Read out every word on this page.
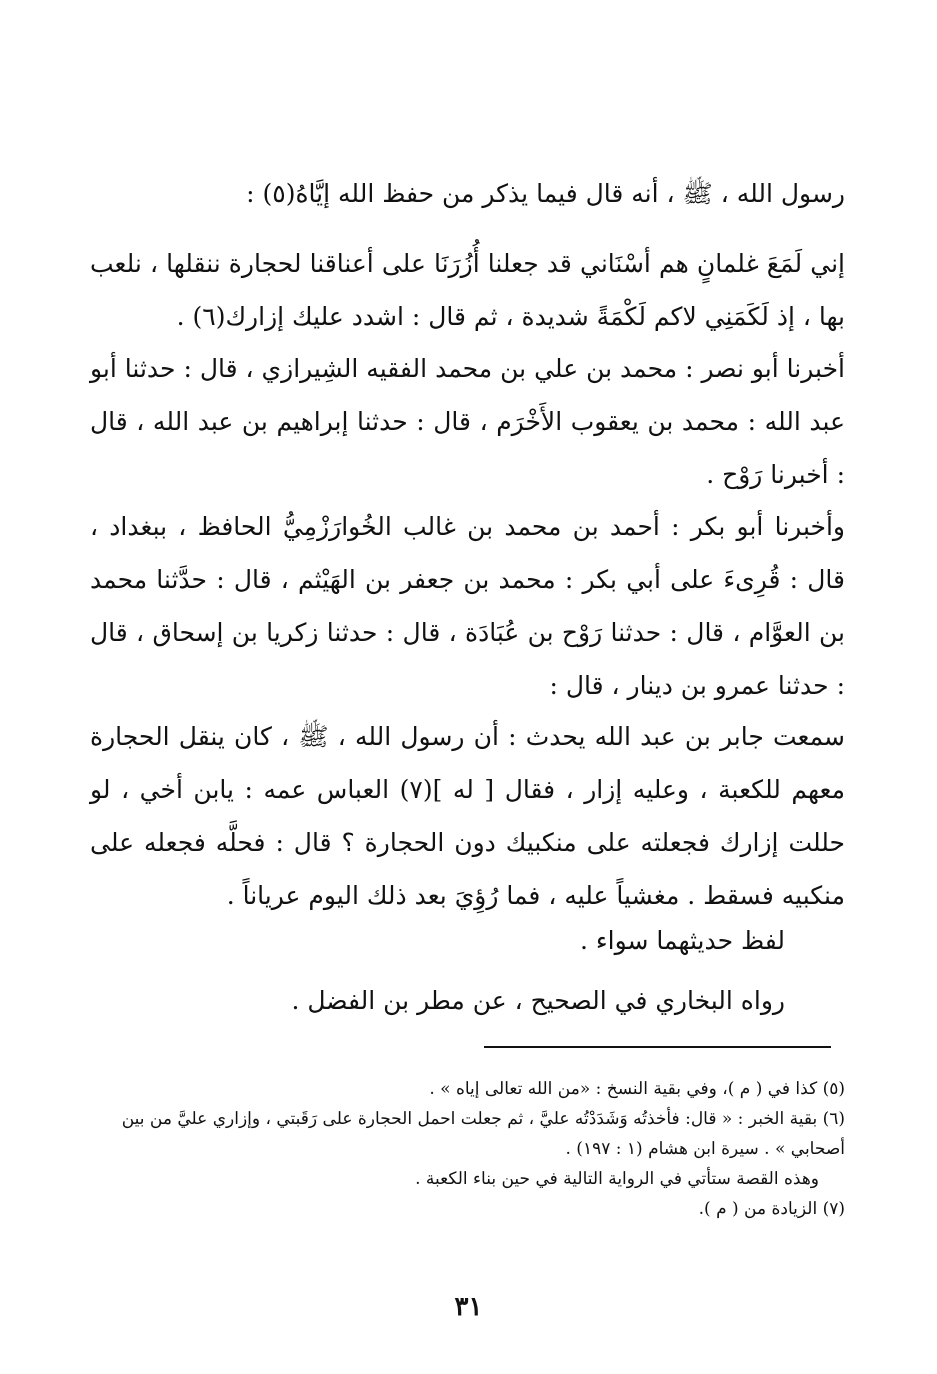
رسول الله ، ﷺ ، أنه قال فيما يذكر من حفظ الله إيَّاهُ(٥) :

إني لَمَعَ غلمانٍ هم أسْنَاني قد جعلنا أُزُرَنَا على أعناقنا لحجارة ننقلها ، نلعب بها ، إذ لَكَمَنِي لاكم لَكْمَةً شديدة ، ثم قال : اشدد عليك إزارك(٦) .

أخبرنا أبو نصر : محمد بن علي بن محمد الفقيه الشِيرازي ، قال : حدثنا أبو عبد الله : محمد بن يعقوب الأَخْرَم ، قال : حدثنا إبراهيم بن عبد الله ، قال : أخبرنا رَوْح .

وأخبرنا أبو بكر : أحمد بن محمد بن غالب الخُوارَزْمِيُّ الحافظ ، ببغداد ، قال : قُرِىءَ على أبي بكر : محمد بن جعفر بن الهَيْثم ، قال : حدَّثنا محمد بن العوَّام ، قال : حدثنا رَوْح بن عُبَادَة ، قال : حدثنا زكريا بن إسحاق ، قال : حدثنا عمرو بن دينار ، قال :

سمعت جابر بن عبد الله يحدث : أن رسول الله ، ﷺ ، كان ينقل الحجارة معهم للكعبة ، وعليه إزار ، فقال [ له ](٧) العباس عمه : يابن أخي ، لو حللت إزارك فجعلته على منكبيك دون الحجارة ؟ قال : فحلَّه فجعله على منكبيه فسقط . مغشياً عليه ، فما رُؤِيَ بعد ذلك اليوم عرياناً .

لفظ حديثهما سواء .
رواه البخاري في الصحيح ، عن مطر بن الفضل .
(٥) كذا في ( م )، وفي بقية النسخ : «من الله تعالى إياه » .
(٦) بقية الخبر : « قال: فأخذتُه وَشَدَدْتُه عليَّ ، ثم جعلت احمل الحجارة على رَقَبتي ، وإزاري عليَّ من بين أصحابي » . سيرة ابن هشام (١ : ١٩٧) .
وهذه القصة ستأتي في الرواية التالية في حين بناء الكعبة .
(٧) الزيادة من ( م ).
٣١
